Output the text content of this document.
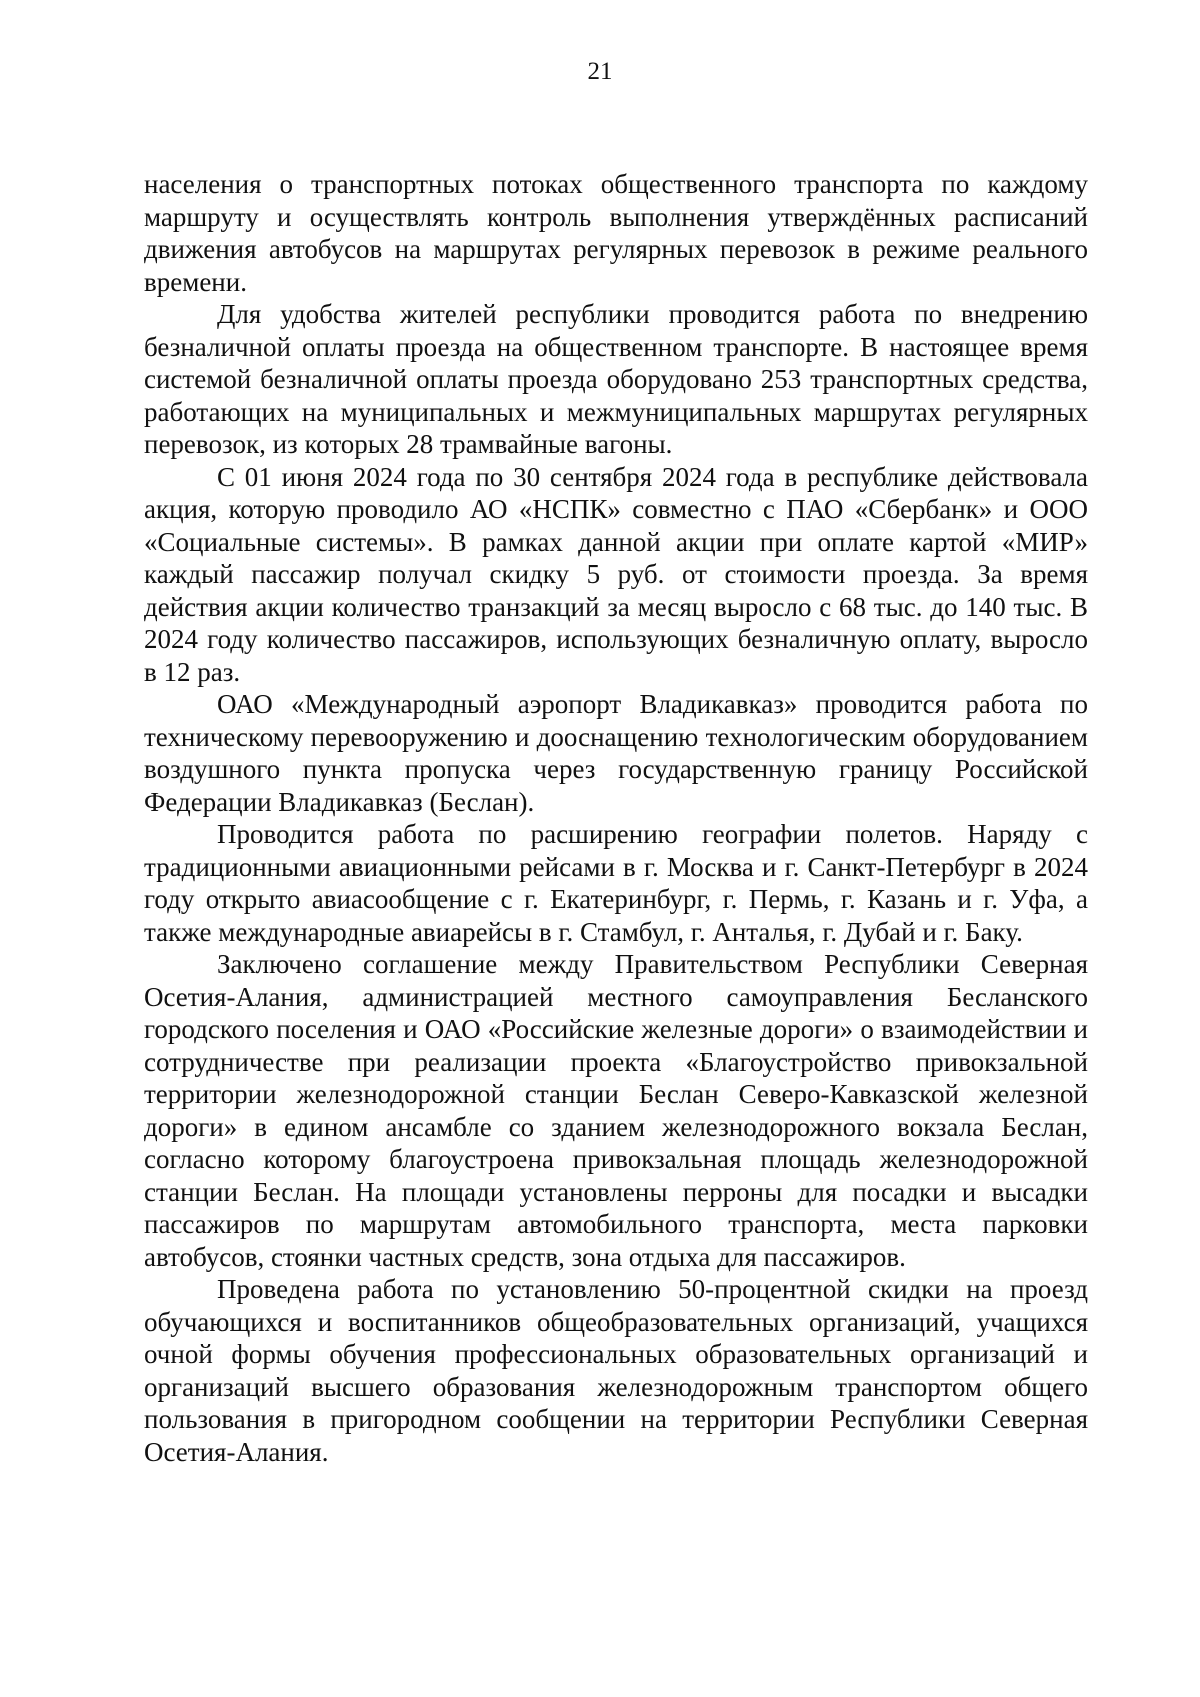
21

населения о транспортных потоках общественного транспорта по каждому маршруту и осуществлять контроль выполнения утверждённых расписаний движения автобусов на маршрутах регулярных перевозок в режиме реального времени.

Для удобства жителей республики проводится работа по внедрению безналичной оплаты проезда на общественном транспорте. В настоящее время системой безналичной оплаты проезда оборудовано 253 транспортных средства, работающих на муниципальных и межмуниципальных маршрутах регулярных перевозок, из которых 28 трамвайные вагоны.

С 01 июня 2024 года по 30 сентября 2024 года в республике действовала акция, которую проводило АО «НСПК» совместно с ПАО «Сбербанк» и ООО «Социальные системы». В рамках данной акции при оплате картой «МИР» каждый пассажир получал скидку 5 руб. от стоимости проезда. За время действия акции количество транзакций за месяц выросло с 68 тыс. до 140 тыс. В 2024 году количество пассажиров, использующих безналичную оплату, выросло в 12 раз.

ОАО «Международный аэропорт Владикавказ» проводится работа по техническому перевооружению и дооснащению технологическим оборудованием воздушного пункта пропуска через государственную границу Российской Федерации Владикавказ (Беслан).

Проводится работа по расширению географии полетов. Наряду с традиционными авиационными рейсами в г. Москва и г. Санкт-Петербург в 2024 году открыто авиасообщение с г. Екатеринбург, г. Пермь, г. Казань и г. Уфа, а также международные авиарейсы в г. Стамбул, г. Анталья, г. Дубай и г. Баку.

Заключено соглашение между Правительством Республики Северная Осетия-Алания, администрацией местного самоуправления Бесланского городского поселения и ОАО «Российские железные дороги» о взаимодействии и сотрудничестве при реализации проекта «Благоустройство привокзальной территории железнодорожной станции Беслан Северо-Кавказской железной дороги» в едином ансамбле со зданием железнодорожного вокзала Беслан, согласно которому благоустроена привокзальная площадь железнодорожной станции Беслан. На площади установлены перроны для посадки и высадки пассажиров по маршрутам автомобильного транспорта, места парковки автобусов, стоянки частных средств, зона отдыха для пассажиров.

Проведена работа по установлению 50-процентной скидки на проезд обучающихся и воспитанников общеобразовательных организаций, учащихся очной формы обучения профессиональных образовательных организаций и организаций высшего образования железнодорожным транспортом общего пользования в пригородном сообщении на территории Республики Северная Осетия-Алания.
